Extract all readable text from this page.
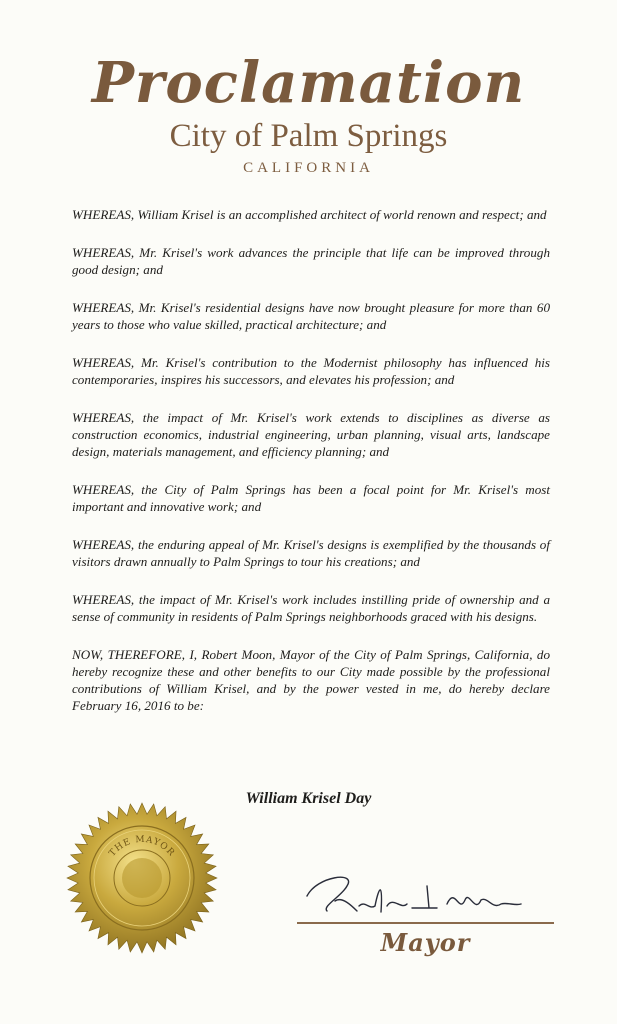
Proclamation
City of Palm Springs
CALIFORNIA

WHEREAS, William Krisel is an accomplished architect of world renown and respect; and

WHEREAS, Mr. Krisel's work advances the principle that life can be improved through good design; and

WHEREAS, Mr. Krisel's residential designs have now brought pleasure for more than 60 years to those who value skilled, practical architecture; and

WHEREAS, Mr. Krisel's contribution to the Modernist philosophy has influenced his contemporaries, inspires his successors, and elevates his profession; and

WHEREAS, the impact of Mr. Krisel's work extends to disciplines as diverse as construction economics, industrial engineering, urban planning, visual arts, landscape design, materials management, and efficiency planning; and

WHEREAS, the City of Palm Springs has been a focal point for Mr. Krisel's most important and innovative work; and

WHEREAS, the enduring appeal of Mr. Krisel's designs is exemplified by the thousands of visitors drawn annually to Palm Springs to tour his creations; and

WHEREAS, the impact of Mr. Krisel's work includes instilling pride of ownership and a sense of community in residents of Palm Springs neighborhoods graced with his designs.

NOW, THEREFORE, I, Robert Moon, Mayor of the City of Palm Springs, California, do hereby recognize these and other benefits to our City made possible by the professional contributions of William Krisel, and by the power vested in me, do hereby declare February 16, 2016 to be:

William Krisel Day
THE MAYOR
Mayor
